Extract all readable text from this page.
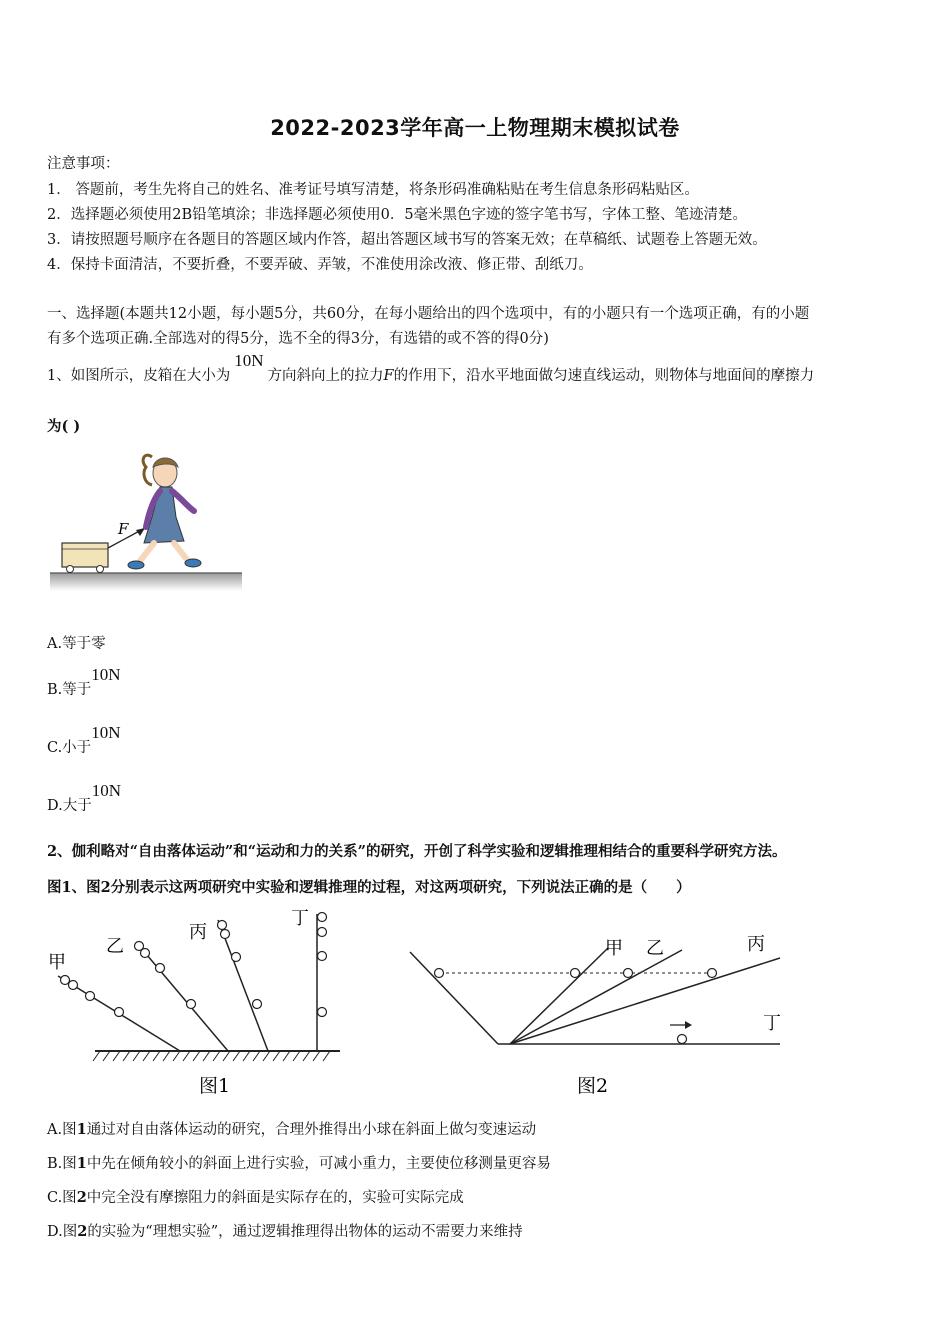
2022-2023学年高一上物理期末模拟试卷
注意事项：
1． 答题前，考生先将自己的姓名、准考证号填写清楚，将条形码准确粘贴在考生信息条形码粘贴区。
2．选择题必须使用2B铅笔填涂；非选择题必须使用0．5毫米黑色字迹的签字笔书写，字体工整、笔迹清楚。
3．请按照题号顺序在各题目的答题区域内作答，超出答题区域书写的答案无效；在草稿纸、试题卷上答题无效。
4．保持卡面清洁，不要折叠，不要弄破、弄皱，不准使用涂改液、修正带、刮纸刀。
一、选择题(本题共12小题，每小题5分，共60分，在每小题给出的四个选项中，有的小题只有一个选项正确，有的小题
有多个选项正确.全部选对的得5分，选不全的得3分，有选错的或不答的得0分)
1、如图所示，皮箱在大小为10N方向斜向上的拉力F的作用下，沿水平地面做匀速直线运动，则物体与地面间的摩擦力
为( )
F
A.等于零
B.等于10N
C.小于10N
D.大于10N
2、伽利略对“自由落体运动”和“运动和力的关系”的研究，开创了科学实验和逻辑推理相结合的重要科学研究方法。
图1、图2分别表示这两项研究中实验和逻辑推理的过程，对这两项研究，下列说法正确的是（　　）
甲
乙
丙
丁
图1
甲 乙	丙
丁
图2
A.图1通过对自由落体运动的研究，合理外推得出小球在斜面上做匀变速运动
B.图1中先在倾角较小的斜面上进行实验，可减小重力，主要使位移测量更容易
C.图2中完全没有摩擦阻力的斜面是实际存在的，实验可实际完成
D.图2的实验为“理想实验”，通过逻辑推理得出物体的运动不需要力来维持
